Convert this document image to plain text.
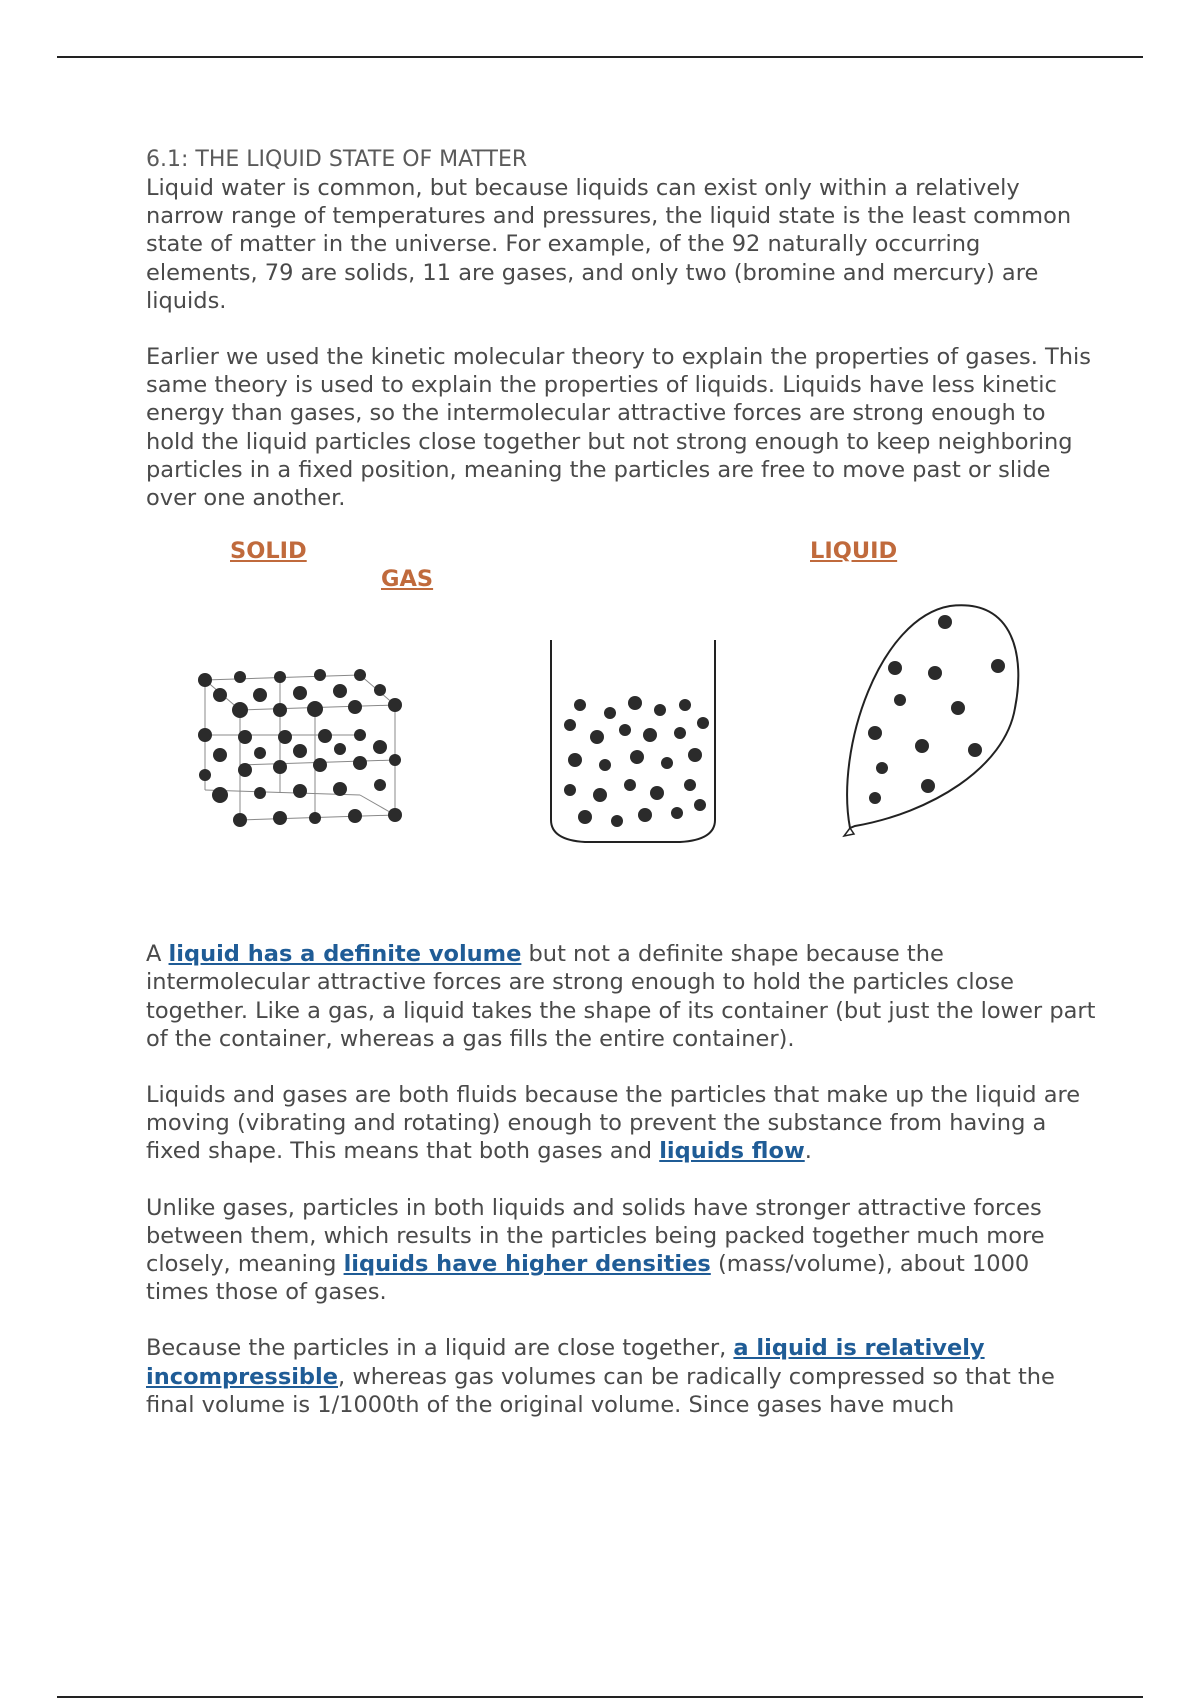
6.1: THE LIQUID STATE OF MATTER

Liquid water is common, but because liquids can exist only within a relatively narrow range of temperatures and pressures, the liquid state is the least common state of matter in the universe. For example, of the 92 naturally occurring elements, 79 are solids, 11 are gases, and only two (bromine and mercury) are liquids.

Earlier we used the kinetic molecular theory to explain the properties of gases. This same theory is used to explain the properties of liquids. Liquids have less kinetic energy than gases, so the intermolecular attractive forces are strong enough to hold the liquid particles close together but not strong enough to keep neighboring particles in a fixed position, meaning the particles are free to move past or slide over one another.

A liquid has a definite volume but not a definite shape because the intermolecular attractive forces are strong enough to hold the particles close together. Like a gas, a liquid takes the shape of its container (but just the lower part of the container, whereas a gas fills the entire container).

Liquids and gases are both fluids because the particles that make up the liquid are moving (vibrating and rotating) enough to prevent the substance from having a fixed shape. This means that both gases and liquids flow.

Unlike gases, particles in both liquids and solids have stronger attractive forces between them, which results in the particles being packed together much more closely, meaning liquids have higher densities (mass/volume), about 1000 times those of gases.

Because the particles in a liquid are close together, a liquid is relatively incompressible, whereas gas volumes can be radically compressed so that the final volume is 1/1000th of the original volume. Since gases have much

SOLID
GAS
LIQUID
